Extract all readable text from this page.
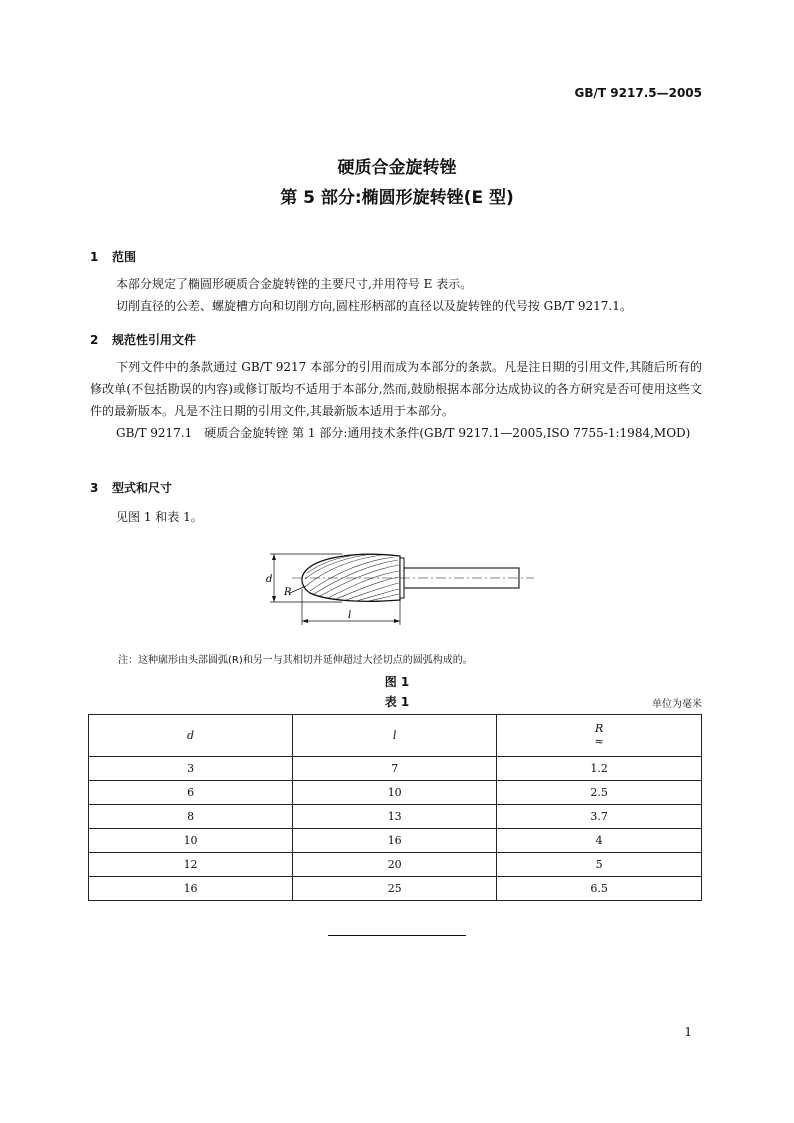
GB/T 9217.5—2005
硬质合金旋转锉
第 5 部分:椭圆形旋转锉(E 型)
1 范围
本部分规定了椭圆形硬质合金旋转锉的主要尺寸,并用符号 E 表示。
切削直径的公差、螺旋槽方向和切削方向,圆柱形柄部的直径以及旋转锉的代号按 GB/T 9217.1。
2 规范性引用文件
下列文件中的条款通过 GB/T 9217 本部分的引用而成为本部分的条款。凡是注日期的引用文件,其随后所有的修改单(不包括勘误的内容)或修订版均不适用于本部分,然而,鼓励根据本部分达成协议的各方研究是否可使用这些文件的最新版本。凡是不注日期的引用文件,其最新版本适用于本部分。
GB/T 9217.1　硬质合金旋转锉 第 1 部分:通用技术条件(GB/T 9217.1—2005,ISO 7755-1:1984,MOD)
3 型式和尺寸
见图 1 和表 1。
d
R
l
注：这种廓形由头部圆弧(R)和另一与其相切并延伸超过大径切点的圆弧构成的。
图 1
表 1	单位为毫米
d	l	R
≈

3	7	1.2
6	10	2.5
8	13	3.7
10	16	4
12	20	5
16	25	6.5
1
